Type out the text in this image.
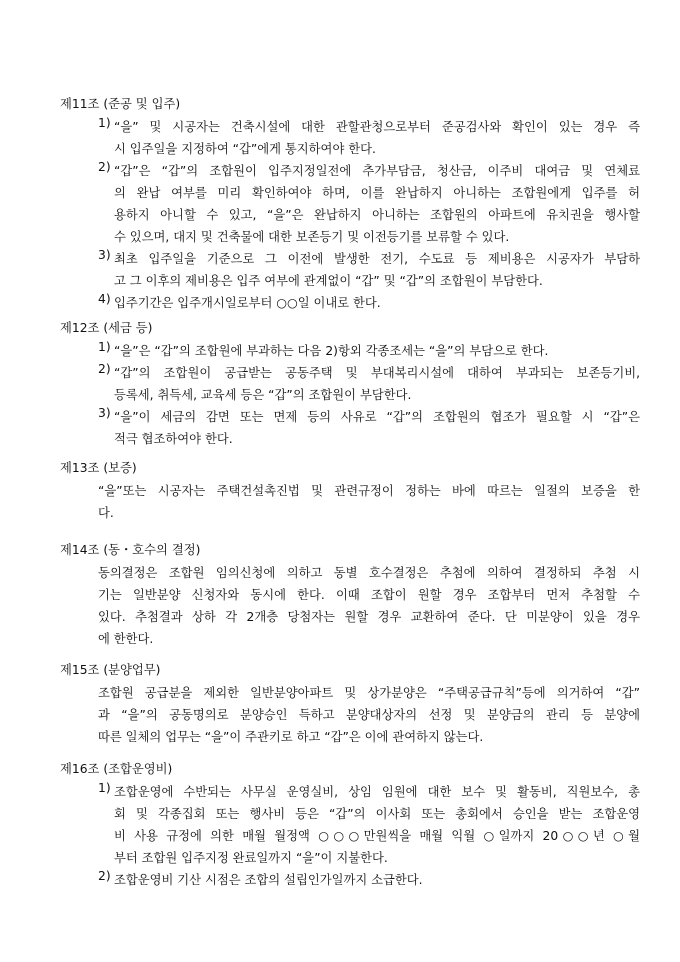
제11조 (준공 및 입주)
1) “을” 및 시공자는 건축시설에 대한 관할관청으로부터 준공검사와 확인이 있는 경우 즉
시 입주일을 지정하여 “갑”에게 통지하여야 한다.
2) “갑”은 “갑”의 조합원이 입주지정일전에 추가부담금, 청산금, 이주비 대여금 및 연체료
의 완납 여부를 미리 확인하여야 하며, 이를 완납하지 아니하는 조합원에게 입주를 허
용하지 아니할 수 있고, “을”은 완납하지 아니하는 조합원의 아파트에 유치권을 행사할
수 있으며, 대지 및 건축물에 대한 보존등기 및 이전등기를 보류할 수 있다.
3) 최초 입주일을 기준으로 그 이전에 발생한 전기, 수도료 등 제비용은 시공자가 부담하
고 그 이후의 제비용은 입주 여부에 관계없이 “갑” 및 “갑”의 조합원이 부담한다.
4) 입주기간은 입주개시일로부터 ○○일 이내로 한다.
제12조 (세금 등)
1) “을”은 “갑”의 조합원에 부과하는 다음 2)항외 각종조세는 “을”의 부담으로 한다.
2) “갑”의 조합원이 공급받는 공동주택 및 부대복리시설에 대하여 부과되는 보존등기비,
등록세, 취득세, 교육세 등은 “갑”의 조합원이 부담한다.
3) “을”이 세금의 감면 또는 면제 등의 사유로 “갑”의 조합원의 협조가 필요할 시 “갑”은
적극 협조하여야 한다.
제13조 (보증)
“을”또는 시공자는 주택건설촉진법 및 관련규정이 정하는 바에 따르는 일절의 보증을 한
다.
제14조 (동・호수의 결정)
동의결정은 조합원 임의신청에 의하고 동별 호수결정은 추첨에 의하여 결정하되 추첨 시
기는 일반분양 신청자와 동시에 한다. 이때 조합이 원할 경우 조합부터 먼저 추첨할 수
있다. 추첨결과 상하 각 2개층 당첨자는 원할 경우 교환하여 준다. 단 미분양이 있을 경우
에 한한다.
제15조 (분양업무)
조합원 공급분을 제외한 일반분양아파트 및 상가분양은 “주택공급규칙”등에 의거하여 “갑”
과 “을”의 공동명의로 분양승인 득하고 분양대상자의 선정 및 분양금의 관리 등 분양에
따른 일체의 업무는 “을”이 주관키로 하고 “갑”은 이에 관여하지 않는다.
제16조 (조합운영비)
1) 조합운영에 수반되는 사무실 운영실비, 상임 임원에 대한 보수 및 활동비, 직원보수, 총
회 및 각종집회 또는 행사비 등은 “갑”의 이사회 또는 총회에서 승인을 받는 조합운영
비 사용 규정에 의한 매월 월정액 ○○○만원씩을 매월 익월 ○일까지 20○○년 ○월
부터 조합원 입주지정 완료일까지 “을”이 지불한다.
2) 조합운영비 기산 시점은 조합의 설립인가일까지 소급한다.
